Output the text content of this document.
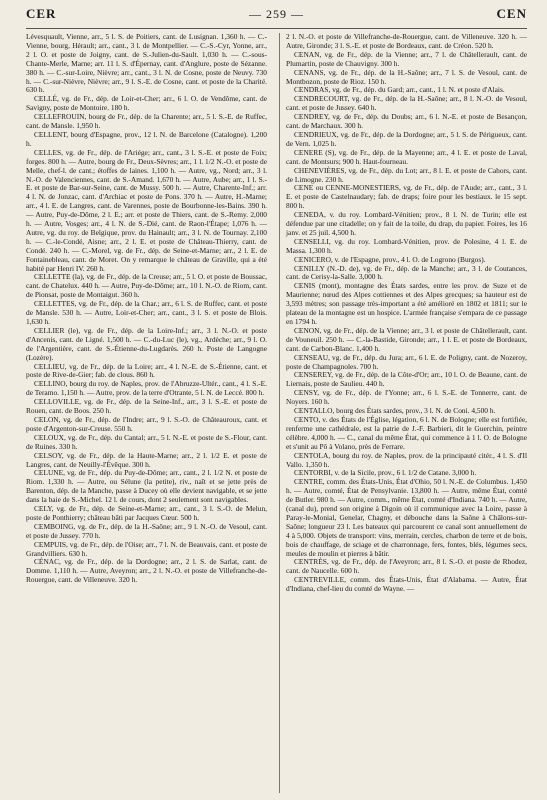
CER	— 259 —	CEN

Lévesquault, Vienne, arr., 5 l. S. de Poitiers, cant. de Lusignan. 1,360 h. — C.-Vienne, bourg, Hérault; arr., cant., 3 l. de Montpellier. — C.-S.-Cyr, Yonne, arr., 2 l. O. et poste de Joigny, cant. de S.-Julien-du-Sault. 1,030 h. — C.-sous-Chante-Merle, Marne; arr. 11 l. S. d'Épernay, cant. d'Anglure, poste de Sézanne. 380 h. — C.-sur-Loire, Nièvre; arr., cant., 3 l. N. de Cosne, poste de Neuvy. 730 h. — C.-sur-Nièvre, Nièvre; arr., 9 l. S.-E. de Cosne, cant. et poste de la Charité. 630 h.

CELLÉ, vg. de Fr., dép. de Loir-et-Cher; arr., 6 l. O. de Vendôme, cant. de Savigny, poste de Montoire. 180 h.

CELLEFROUIN, bourg de Fr., dép. de la Charente; arr., 5 l. S.-E. de Ruffec, cant. de Mansle. 1,950 h.

CELLENT, bourg d'Espagne, prov., 12 l. N. de Barcelone (Catalogne). 1,200 h.

CELLES, vg. de Fr., dép. de l'Ariége; arr., cant., 3 l. S.-E. et poste de Foix; forges. 800 h. — Autre, bourg de Fr., Deux-Sèvres; arr., 1 l. 1/2 N.-O. et poste de Melle, chef-l. de cant.; étoffes de laines. 1,100 h. — Autre, vg., Nord; arr., 3 l. N.-O. de Valenciennes, cant. de S.-Amand. 1,670 h. — Autre, Aube; arr., 1 l. S.-E. et poste de Bar-sur-Seine, cant. de Mussy. 500 h. — Autre, Charente-Inf.; arr. 4 l. N. de Jonzac, cant. d'Archiac et poste de Pons. 370 h. — Autre, H.-Marne; arr., 4 l. E. de Langres, cant. de Varennes, poste de Bourbonne-les-Bains. 390 h. — Autre, Puy-de-Dôme, 2 l. E.; arr. et poste de Thiers, cant. de S.-Remy. 2,000 h. — Autre, Vosges; arr., 4 l. N. de S.-Dié, cant. de Raon-l'Étape; 1,076 h. — Autre, vg. du roy. de Belgique, prov. du Hainault; arr., 3 l. N. de Tournay. 2,100 h. — C.-le-Condé, Aisne; arr., 2 l. E. et poste de Château-Thierry, cant. de Condé. 240 h. — C.-Morel, vg. de Fr., dép. de Seine-et-Marne; arr., 2 l. E. de Fontainebleau, cant. de Moret. On y remarque le château de Graville, qui a été habité par Henri IV. 260 h.

CELLETTE (la), vg. de Fr., dép. de la Creuse; arr., 5 l. O. et poste de Boussac, cant. de Chatelux. 440 h. — Autre, Puy-de-Dôme; arr., 10 l. N.-O. de Riom, cant. de Pionsat, poste de Montaigut. 360 h.

CELLETTES, vg. de Fr., dép. de la Char.; arr., 6 l. S. de Ruffec, cant. et poste de Mansle. 530 h. — Autre, Loir-et-Cher; arr., cant., 3 l. S. et poste de Blois. 1,630 h.

CELLIER (le), vg. de Fr., dép. de la Loire-Inf.; arr., 3 l. N.-O. et poste d'Ancenis, cant. de Ligné. 1,500 h. — C.-du-Luc (le), vg., Ardèche; arr., 9 l. O. de l'Argentière, cant. de S.-Étienne-du-Lugdarès. 260 h. Poste de Langogne (Lozère).

CELLIEU, vg. de Fr., dép. de la Loire; arr., 4 l. N.-E. de S.-Étienne, cant. et poste de Rive-de-Gier; fab. de clous. 860 h.

CELLINO, bourg du roy. de Naples, prov. de l'Abruzze-Ultér., cant., 4 l. S.-E. de Teramo. 1,150 h. — Autre, prov. de la terre d'Otrante, 5 l. N. de Leccé. 800 h.

CELLOVILLE, vg. de Fr., dép. de la Seine-Inf., arr., 3 l. S.-E. et poste de Rouen, cant. de Boos. 250 h.

CELON, vg. de Fr., dép. de l'Indre; arr., 9 l. S.-O. de Châteauroux, cant. et poste d'Argenton-sur-Creuse. 550 h.

CELOUX, vg. de Fr., dép. du Cantal; arr., 5 l. N.-E. et poste de S.-Flour, cant. de Ruines. 330 h.

CELSOY, vg. de Fr., dép. de la Haute-Marne; arr., 2 l. 1/2 E. et poste de Langres, cant. de Neuilly-l'Évêque. 300 h.

CELUNE, vg. de Fr., dép. du Puy-de-Dôme; arr., cant., 2 l. 1/2 N. et poste de Riom. 1,330 h. — Autre, ou Sélune (la petite), riv., naît et se jette près de Barenton, dép. de la Manche, passe à Ducey où elle devient navigable, et se jette dans la baie de S.-Michel. 12 l. de cours, dont 2 seulement sont navigables.

CELY, vg. de Fr., dép. de Seine-et-Marne; arr., cant., 3 l. S.-O. de Melun, poste de Ponthierry; château bâti par Jacques Cœur. 500 h.

CEMBOING, vg. de Fr., dép. de la H.-Saône; arr., 9 l. N.-O. de Vesoul, cant. et poste de Jussey. 770 h.

CEMPUIS, vg. de Fr., dép. de l'Oise; arr., 7 l. N. de Beauvais, cant. et poste de Grandvilliers. 630 h.

CÉNAC, vg. de Fr., dép. de la Dordogne; arr., 2 l. S. de Sarlat, cant. de Domme. 1,110 h. — Autre, Aveyron; arr., 2 l. N.-O. et poste de Villefranche-de-Rouergue, cant. de Villeneuve. 320 h.

2 l. N.-O. et poste de Villefranche-de-Rouergue, cant. de Villeneuve. 320 h. — Autre, Gironde; 3 l. S.-E. et poste de Bordeaux, cant. de Créon. 520 h.

CENAN, vg. de Fr., dép. de la Vienne; arr., 7 l. de Châtellerault, cant. de Plumartin, poste de Chauvigny. 300 h.

CENANS, vg. de Fr., dép. de la H.-Saône; arr., 7 l. S. de Vesoul, cant. de Montbozon, poste de Rioz. 150 h.

CENDRAS, vg. de Fr., dép. du Gard; arr., cant., 1 l. N. et poste d'Alais.

CENDRECOURT, vg. de Fr., dép. de la H.-Saône; arr., 8 l. N.-O. de Vesoul, cant. et poste de Jussey. 640 h.

CENDREY, vg. de Fr., dép. du Doubs; arr., 6 l. N.-E. et poste de Besançon, cant. de Marchaux. 300 h.

CENDRIEUX, vg. de Fr., dép. de la Dordogne; arr., 5 l. S. de Périgueux, cant. de Vern. 1,025 h.

CENERE (S), vg. de Fr., dép. de la Mayenne; arr., 4 l. E. et poste de Laval, cant. de Montsurs; 900 h. Haut-fourneau.

CHENEVIÈRES, vg. de Fr., dép. du Lot; arr., 8 l. E. et poste de Cahors, cant. de Limogne. 230 h.

CENE ou CENNE-MONESTIERS, vg. de Fr., dép. de l'Aude; arr., cant., 3 l. E. et poste de Castelnaudary; fab. de draps; foire pour les bestiaux. le 15 sept. 800 h.

CENEDA, v. du roy. Lombard-Vénitien; prov., 8 l. N. de Turin; elle est défendue par une citadelle; on y fait de la toile, du drap, du papier. Foires, les 16 janv. et 25 juil. 4,500 h.

CENSELLI, vg. du roy. Lombard-Vénitien, prov. de Polesine, 4 l. E. de Massa. 1,300 h.

CENICERO, v. de l'Espagne, prov., 4 l. O. de Logrono (Burgos).

CENILLY (N.-D. de), vg. de Fr., dép. de la Manche; arr., 3 l. de Coutances, cant. de Cerisy-la-Salle. 3,000 h.

CENIS (mont), montagne des États sardes, entre les prov. de Suze et de Maurienne; nœud des Alpes cottiennes et des Alpes grecques; sa hauteur est de 3,593 mètres; son passage très-important a été amélioré en 1802 et 1811; sur le plateau de la montagne est un hospice. L'armée française s'empara de ce passage en 1794 h.

CENON, vg. de Fr., dép. de la Vienne; arr., 3 l. et poste de Châtellerault, cant. de Vouneuil. 250 h. — C.-la-Bastide, Gironde; arr., 1 l. E. et poste de Bordeaux, cant. de Carbon-Blanc. 1,400 h.

CENSEAU, vg. de Fr., dép. du Jura; arr., 6 l. E. de Poligny, cant. de Nozeroy, poste de Champagnoles. 700 h.

CENSEREY, vg. de Fr., dép. de la Côte-d'Or; arr., 10 l. O. de Beaune, cant. de Liernais, poste de Saulieu. 440 h.

CENSY, vg. de Fr., dép. de l'Yonne; arr., 6 l. S.-E. de Tonnerre, cant. de Noyers. 160 h.

CENTALLO, bourg des États sardes, prov., 3 l. N. de Coni. 4,500 h.

CENTO, v. des États de l'Église, légation, 6 l. N. de Bologne; elle est fortifiée, renferme une cathédrale, est la patrie de J.-F. Barbieri, dit le Guerchin, peintre célèbre. 4,000 h. — C., canal du même État, qui commence à 1 l. O. de Bologne et s'unit au Pô à Volano, près de Ferrare.

CENTOLA, bourg du roy. de Naples, prov. de la principauté citér., 4 l. S. d'Il Vallo. 1,350 h.

CENTORBI, v. de la Sicile, prov., 6 l. 1/2 de Catane. 3,000 h.

CENTRE, comm. des États-Unis, État d'Ohio, 50 l. N.-E. de Columbus. 1,450 h. — Autre, comté, État de Pensylvanie. 13,800 h. — Autre, même État, comté de Butler. 980 h. — Autre, comm., même État, comté d'Indiana. 740 h. — Autre, (canal du), prend son origine à Digoin où il communique avec la Loire, passe à Paray-le-Monial, Genelar, Chagny, et débouche dans la Saône à Châlons-sur-Saône; longueur 23 l. Les bateaux qui parcourent ce canal sont annuellement de 4 à 5,000. Objets de transport: vins, merrain, cercles, charbon de terre et de bois, bois de chauffage, de sciage et de charronnage, fers, fontes, blés, légumes secs, meules de moulin et pierres à bâtir.

CENTRÈS, vg. de Fr., dép. de l'Aveyron; arr., 8 l. S.-O. et poste de Rhodez, cant. de Naucelle. 600 h.

CENTREVILLE, comm. des États-Unis, État d'Alabama. — Autre, État d'Indiana, chef-lieu du comté de Wayne. —
